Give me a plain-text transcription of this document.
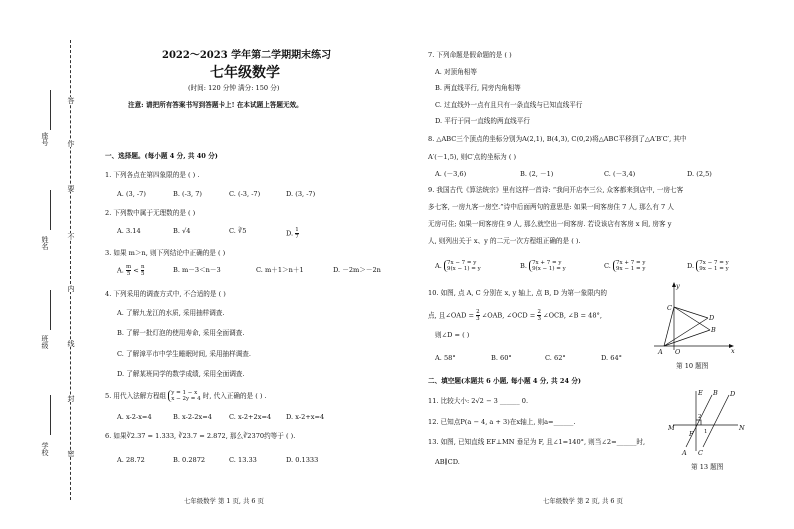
学校
班级
姓名
座号
密
封
线
内
不
要
作
答
2022～2023 学年第二学期期末练习
七年级数学
(时间: 120 分钟 满分: 150 分)
注意: 请把所有答案书写到答题卡上! 在本试题上答题无效。
一、选择题。(每小题 4 分, 共 40 分)
1. 下列各点在第四象限的是 ( ) .
A. (3, -7)	B. (-3, 7)	C. (-3, -7)	D. (3, -7)
2. 下列数中属于无理数的是 ( )
A. 3.14	B. √4	C. ∛5	D. $\frac{1}{7}$
3. 如果 m＞n, 则下列结论中正确的是 ( )
A. $\frac{m}{5} < \frac{n}{5}$	B. m－3＜n－3	C. m＋1＞n＋1	D. －2m＞－2n
4. 下列采用的调查方式中, 不合适的是 ( )
A. 了解九龙江的水质, 采用抽样调查.
B. 了解一批灯泡的使用寿命, 采用全面调查.
C. 了解漳平市中学生睡眠时间, 采用抽样调查.
D. 了解某班同学的数学成绩, 采用全面调查.
5. 用代入法解方程组 y = 1 − x
x − 2y = 4 时, 代入正确的是 ( ) .
A. x-2-x=4	B. x-2-2x=4	C. x-2+2x=4 D. x-2+x=4
6. 如果∛2.37 = 1.333, ∛23.7 = 2.872, 那么∛2370约等于 ( ).
A. 28.72	B. 0.2872	C. 13.33	D. 0.1333
七年级数学 第 1 页, 共 6 页
7. 下列命题是假命题的是 ( )
A. 对顶角相等
B. 两直线平行, 同旁内角相等
C. 过直线外一点有且只有一条直线与已知直线平行
D. 平行于同一直线的两直线平行
8. △ABC三个顶点的坐标分别为A(2,1), B(4,3), C(0,2)将△ABC平移到了△A′B′C′, 其中
A′(－1,5), 则C′点的坐标为 ( )
A. (－3,6)	B. (2, －1)	C. (－3,4)	D. (2,5)
9. 我国古代《算法统宗》里有这样一首诗: “我问开店李三公, 众客都来到店中, 一房七客
多七客, 一房九客一房空.”诗中后面两句的意思是: 如果一间客房住 7 人, 那么有 7 人
无房可住; 如果一间客房住 9 人, 那么就空出一间客房. 若设该店有客房 x 间, 房客 y
人, 则列出关于 x、y 的二元一次方程组正确的是 ( ).
A. 7x − 7 = y
9(x − 1) = y	B. 7x + 7 = y
9(x − 1) = y	C. 7x + 7 = y
9x − 1 = y	D. 7x − 7 = y
9x − 1 = y
10. 如图, 点 A, C 分别在 x, y 轴上, 点 B, D 为第一象限内的
点, 且∠OAD = $\frac{2}{3}$ ∠OAB, ∠OCD = $\frac{2}{3}$ ∠OCB, ∠B = 48°,
则∠D = ( )
A. 58°	B. 60°	C. 62°	D. 64°
y
x
O
A
C
B
D
第 10 题图
二、填空题(本题共 6 小题, 每小题 4 分, 共 24 分)
11. 比较大小: 2√2 − 3 ______ 0.
12. 已知点P(a − 4, a + 3)在x轴上, 则a=______.
13. 如图, 已知直线 EF⊥MN 垂足为 F, 且∠1=140°, 则当∠2=______时,
AB∥CD.
E B D
M	N
F
A C
1
2
第 13 题图
七年级数学 第 2 页, 共 6 页
